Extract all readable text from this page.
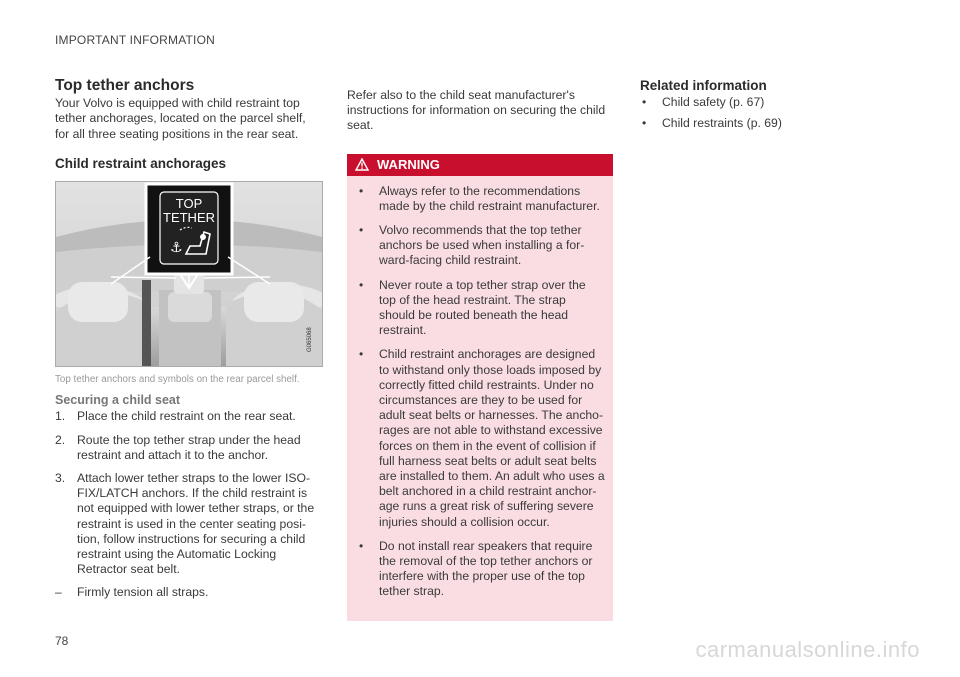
IMPORTANT INFORMATION
Top tether anchors

Your Volvo is equipped with child restraint top tether anchorages, located on the parcel shelf, for all three seating positions in the rear seat.

Child restraint anchorages
TOP
TETHER
⚓
G065068

Top tether anchors and symbols on the rear parcel shelf.

Securing a child seat
1. Place the child restraint on the rear seat.
2. Route the top tether strap under the head restraint and attach it to the anchor.
3. Attach lower tether straps to the lower ISO-FIX/LATCH anchors. If the child restraint is not equipped with lower tether straps, or the restraint is used in the center seating posi-tion, follow instructions for securing a child restraint using the Automatic Locking Retractor seat belt.
– Firmly tension all straps.

Refer also to the child seat manufacturer's instructions for information on securing the child seat.

WARNING
• Always refer to the recommendations made by the child restraint manufacturer.
• Volvo recommends that the top tether anchors be used when installing a for-ward-facing child restraint.
• Never route a top tether strap over the top of the head restraint. The strap should be routed beneath the head restraint.
• Child restraint anchorages are designed to withstand only those loads imposed by correctly fitted child restraints. Under no circumstances are they to be used for adult seat belts or harnesses. The ancho-rages are not able to withstand excessive forces on them in the event of collision if full harness seat belts or adult seat belts are installed to them. An adult who uses a belt anchored in a child restraint anchor-age runs a great risk of suffering severe injuries should a collision occur.
• Do not install rear speakers that require the removal of the top tether anchors or interfere with the proper use of the top tether strap.
Related information
• Child safety (p. 67)
• Child restraints (p. 69)
78	carmanualsonline.info
